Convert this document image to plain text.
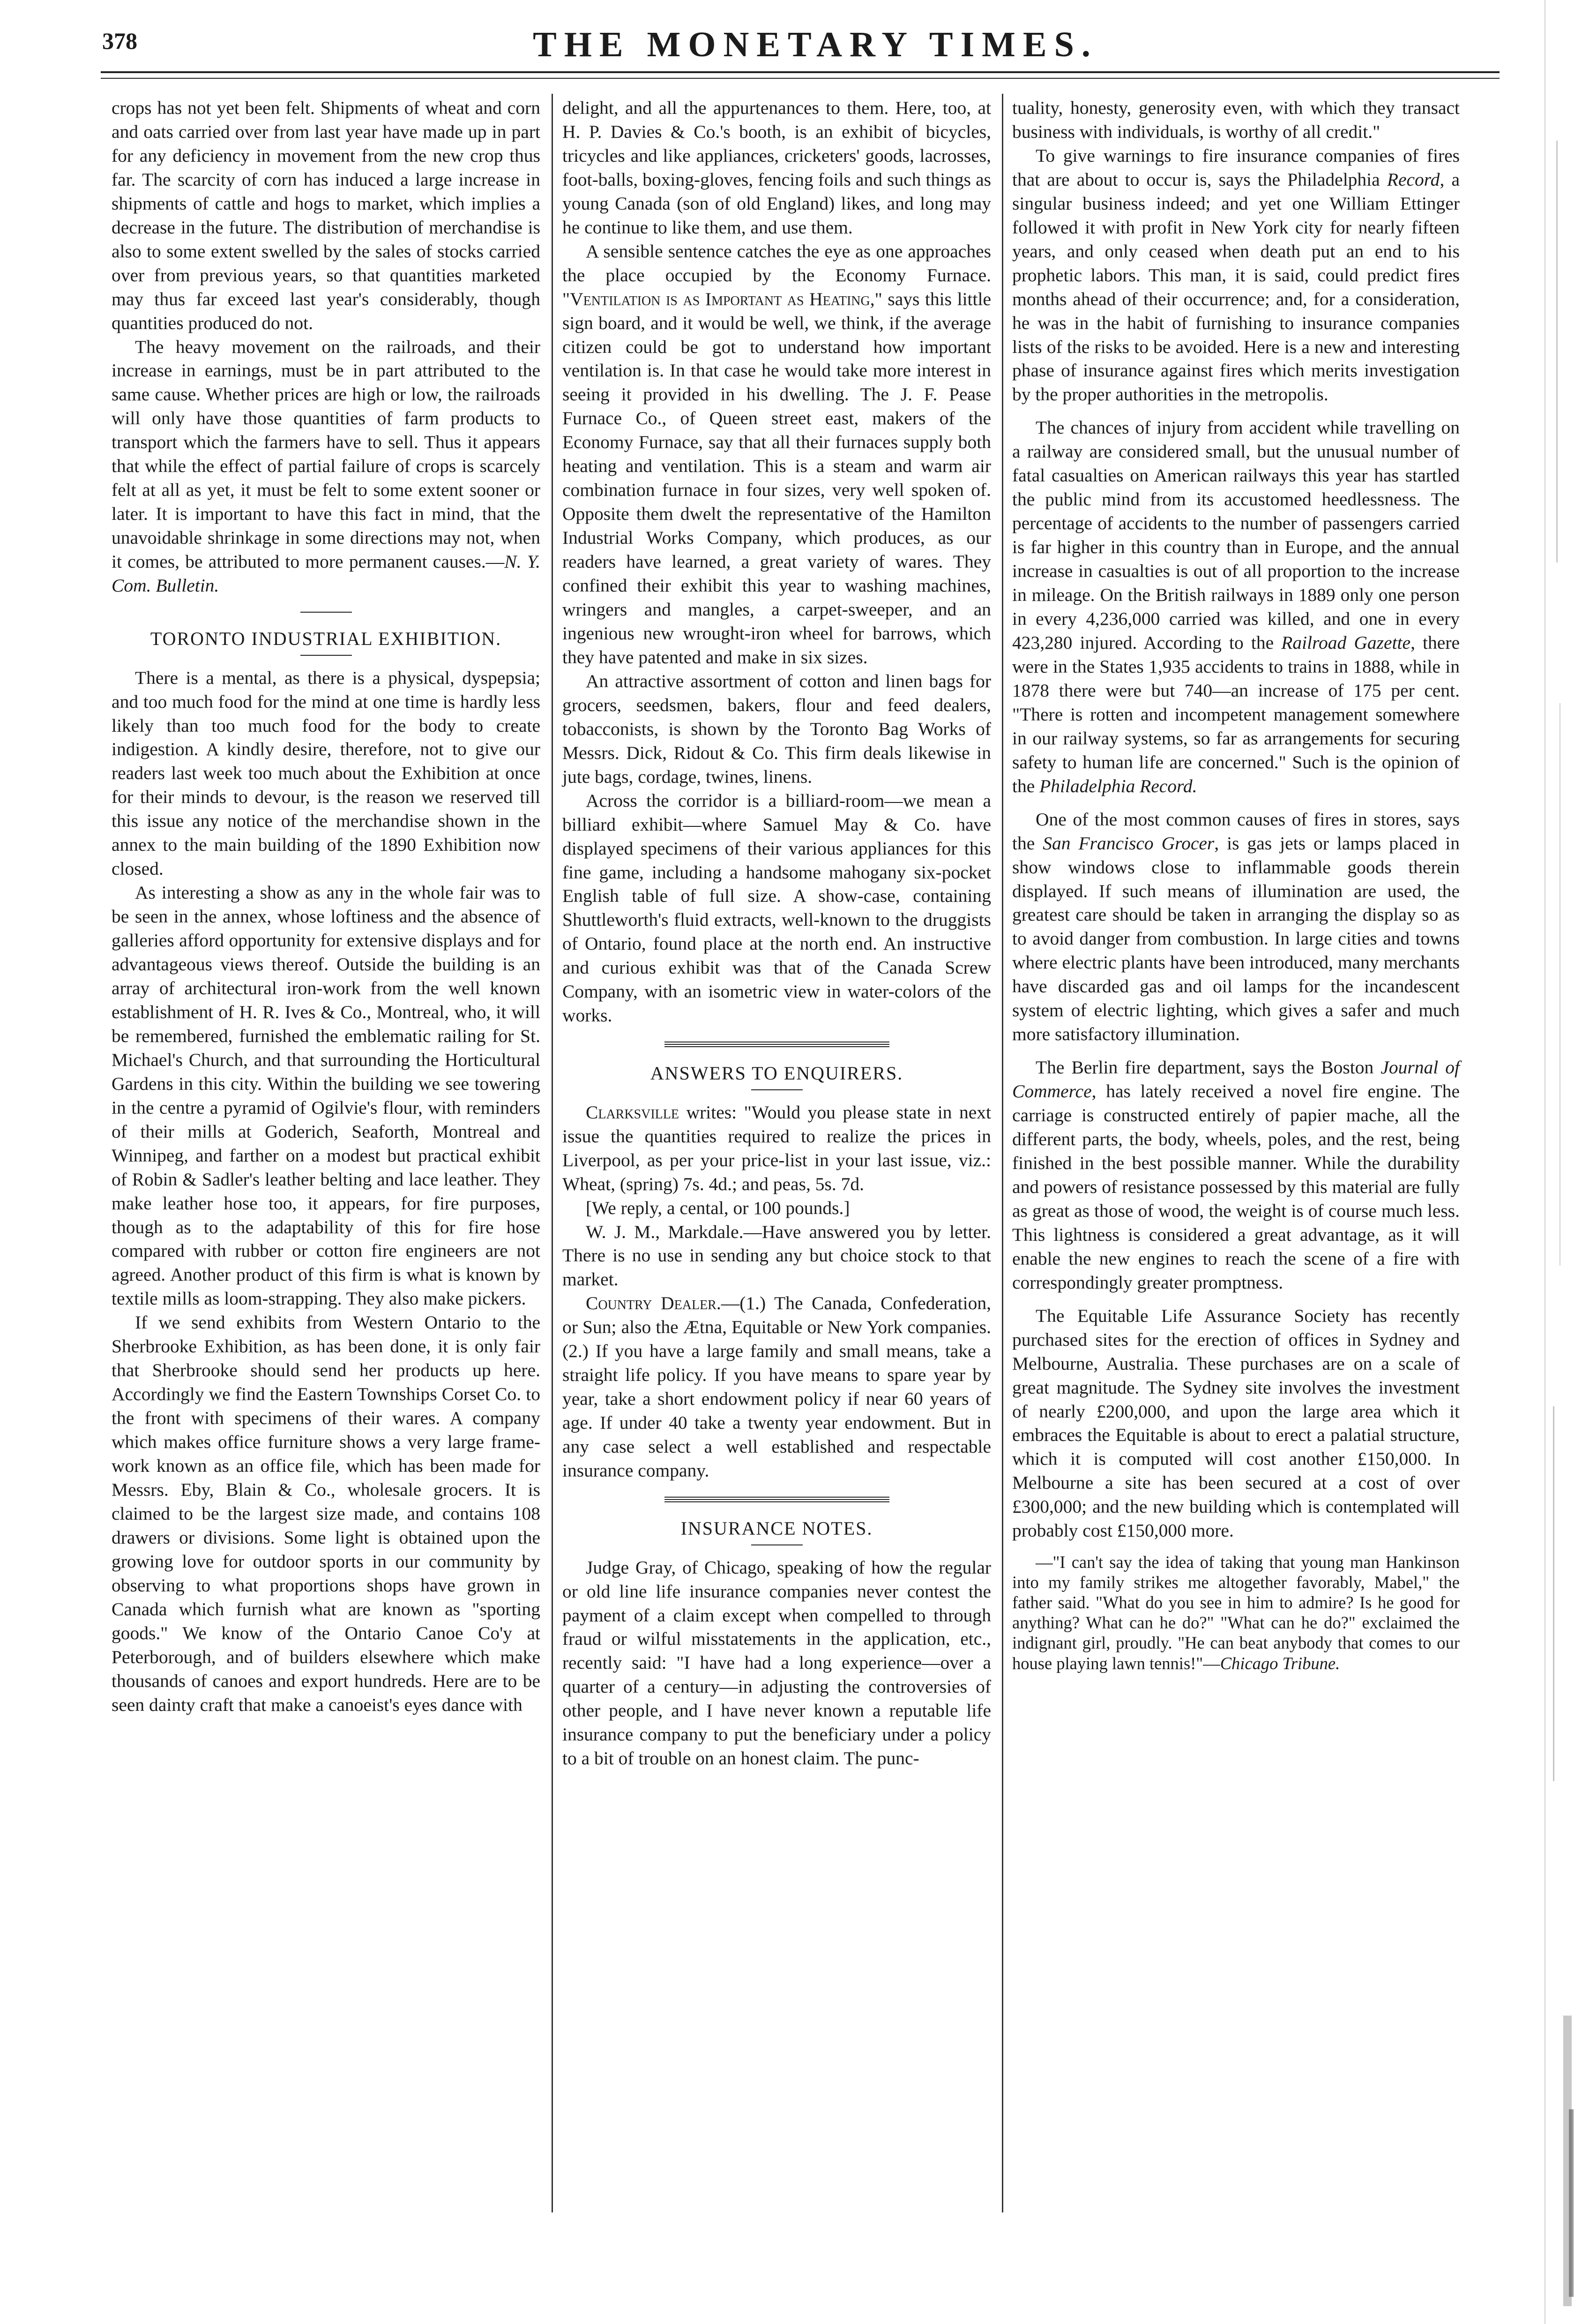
378	THE MONETARY TIMES.

crops has not yet been felt. Shipments of wheat and corn and oats carried over from last year have made up in part for any deficiency in movement from the new crop thus far. The scarcity of corn has induced a large increase in shipments of cattle and hogs to market, which implies a decrease in the future. The distribution of merchandise is also to some extent swelled by the sales of stocks carried over from previous years, so that quantities marketed may thus far exceed last year's considerably, though quantities produced do not.

The heavy movement on the railroads, and their increase in earnings, must be in part attributed to the same cause. Whether prices are high or low, the railroads will only have those quantities of farm products to transport which the farmers have to sell. Thus it appears that while the effect of partial failure of crops is scarcely felt at all as yet, it must be felt to some extent sooner or later. It is important to have this fact in mind, that the unavoidable shrinkage in some directions may not, when it comes, be attributed to more permanent causes.—N. Y. Com. Bulletin.

TORONTO INDUSTRIAL EXHIBITION.

There is a mental, as there is a physical, dyspepsia; and too much food for the mind at one time is hardly less likely than too much food for the body to create indigestion. A kindly desire, therefore, not to give our readers last week too much about the Exhibition at once for their minds to devour, is the reason we reserved till this issue any notice of the merchandise shown in the annex to the main building of the 1890 Exhibition now closed.

As interesting a show as any in the whole fair was to be seen in the annex, whose loftiness and the absence of galleries afford opportunity for extensive displays and for advantageous views thereof. Outside the building is an array of architectural iron-work from the well known establishment of H. R. Ives & Co., Montreal, who, it will be remembered, furnished the emblematic railing for St. Michael's Church, and that surrounding the Horticultural Gardens in this city. Within the building we see towering in the centre a pyramid of Ogilvie's flour, with reminders of their mills at Goderich, Seaforth, Montreal and Winnipeg, and farther on a modest but practical exhibit of Robin & Sadler's leather belting and lace leather. They make leather hose too, it appears, for fire purposes, though as to the adaptability of this for fire hose compared with rubber or cotton fire engineers are not agreed. Another product of this firm is what is known by textile mills as loom-strapping. They also make pickers.

If we send exhibits from Western Ontario to the Sherbrooke Exhibition, as has been done, it is only fair that Sherbrooke should send her products up here. Accordingly we find the Eastern Townships Corset Co. to the front with specimens of their wares. A company which makes office furniture shows a very large frame-work known as an office file, which has been made for Messrs. Eby, Blain & Co., wholesale grocers. It is claimed to be the largest size made, and contains 108 drawers or divisions. Some light is obtained upon the growing love for outdoor sports in our community by observing to what proportions shops have grown in Canada which furnish what are known as "sporting goods." We know of the Ontario Canoe Co'y at Peterborough, and of builders elsewhere which make thousands of canoes and export hundreds. Here are to be seen dainty craft that make a canoeist's eyes dance with

delight, and all the appurtenances to them. Here, too, at H. P. Davies & Co.'s booth, is an exhibit of bicycles, tricycles and like appliances, cricketers' goods, lacrosses, foot-balls, boxing-gloves, fencing foils and such things as young Canada (son of old England) likes, and long may he continue to like them, and use them.

A sensible sentence catches the eye as one approaches the place occupied by the Economy Furnace. "Ventilation is as Important as Heating," says this little sign board, and it would be well, we think, if the average citizen could be got to understand how important ventilation is. In that case he would take more interest in seeing it provided in his dwelling. The J. F. Pease Furnace Co., of Queen street east, makers of the Economy Furnace, say that all their furnaces supply both heating and ventilation. This is a steam and warm air combination furnace in four sizes, very well spoken of. Opposite them dwelt the representative of the Hamilton Industrial Works Company, which produces, as our readers have learned, a great variety of wares. They confined their exhibit this year to washing machines, wringers and mangles, a carpet-sweeper, and an ingenious new wrought-iron wheel for barrows, which they have patented and make in six sizes.

An attractive assortment of cotton and linen bags for grocers, seedsmen, bakers, flour and feed dealers, tobacconists, is shown by the Toronto Bag Works of Messrs. Dick, Ridout & Co. This firm deals likewise in jute bags, cordage, twines, linens.

Across the corridor is a billiard-room—we mean a billiard exhibit—where Samuel May & Co. have displayed specimens of their various appliances for this fine game, including a handsome mahogany six-pocket English table of full size. A show-case, containing Shuttleworth's fluid extracts, well-known to the druggists of Ontario, found place at the north end. An instructive and curious exhibit was that of the Canada Screw Company, with an isometric view in water-colors of the works.

ANSWERS TO ENQUIRERS.

Clarksville writes: "Would you please state in next issue the quantities required to realize the prices in Liverpool, as per your price-list in your last issue, viz.: Wheat, (spring) 7s. 4d.; and peas, 5s. 7d.

[We reply, a cental, or 100 pounds.]

W. J. M., Markdale.—Have answered you by letter. There is no use in sending any but choice stock to that market.

Country Dealer.—(1.) The Canada, Confederation, or Sun; also the Ætna, Equitable or New York companies. (2.) If you have a large family and small means, take a straight life policy. If you have means to spare year by year, take a short endowment policy if near 60 years of age. If under 40 take a twenty year endowment. But in any case select a well established and respectable insurance company.

INSURANCE NOTES.

Judge Gray, of Chicago, speaking of how the regular or old line life insurance companies never contest the payment of a claim except when compelled to through fraud or wilful misstatements in the application, etc., recently said: "I have had a long experience—over a quarter of a century—in adjusting the controversies of other people, and I have never known a reputable life insurance company to put the beneficiary under a policy to a bit of trouble on an honest claim. The punc-

tuality, honesty, generosity even, with which they transact business with individuals, is worthy of all credit."

To give warnings to fire insurance companies of fires that are about to occur is, says the Philadelphia Record, a singular business indeed; and yet one William Ettinger followed it with profit in New York city for nearly fifteen years, and only ceased when death put an end to his prophetic labors. This man, it is said, could predict fires months ahead of their occurrence; and, for a consideration, he was in the habit of furnishing to insurance companies lists of the risks to be avoided. Here is a new and interesting phase of insurance against fires which merits investigation by the proper authorities in the metropolis.

The chances of injury from accident while travelling on a railway are considered small, but the unusual number of fatal casualties on American railways this year has startled the public mind from its accustomed heedlessness. The percentage of accidents to the number of passengers carried is far higher in this country than in Europe, and the annual increase in casualties is out of all proportion to the increase in mileage. On the British railways in 1889 only one person in every 4,236,000 carried was killed, and one in every 423,280 injured. According to the Railroad Gazette, there were in the States 1,935 accidents to trains in 1888, while in 1878 there were but 740—an increase of 175 per cent. "There is rotten and incompetent management somewhere in our railway systems, so far as arrangements for securing safety to human life are concerned." Such is the opinion of the Philadelphia Record.

One of the most common causes of fires in stores, says the San Francisco Grocer, is gas jets or lamps placed in show windows close to inflammable goods therein displayed. If such means of illumination are used, the greatest care should be taken in arranging the display so as to avoid danger from combustion. In large cities and towns where electric plants have been introduced, many merchants have discarded gas and oil lamps for the incandescent system of electric lighting, which gives a safer and much more satisfactory illumination.

The Berlin fire department, says the Boston Journal of Commerce, has lately received a novel fire engine. The carriage is constructed entirely of papier mache, all the different parts, the body, wheels, poles, and the rest, being finished in the best possible manner. While the durability and powers of resistance possessed by this material are fully as great as those of wood, the weight is of course much less. This lightness is considered a great advantage, as it will enable the new engines to reach the scene of a fire with correspondingly greater promptness.

The Equitable Life Assurance Society has recently purchased sites for the erection of offices in Sydney and Melbourne, Australia. These purchases are on a scale of great magnitude. The Sydney site involves the investment of nearly £200,000, and upon the large area which it embraces the Equitable is about to erect a palatial structure, which it is computed will cost another £150,000. In Melbourne a site has been secured at a cost of over £300,000; and the new building which is contemplated will probably cost £150,000 more.

—"I can't say the idea of taking that young man Hankinson into my family strikes me altogether favorably, Mabel," the father said. "What do you see in him to admire? Is he good for anything? What can he do?" "What can he do?" exclaimed the indignant girl, proudly. "He can beat anybody that comes to our house playing lawn tennis!"—Chicago Tribune.
